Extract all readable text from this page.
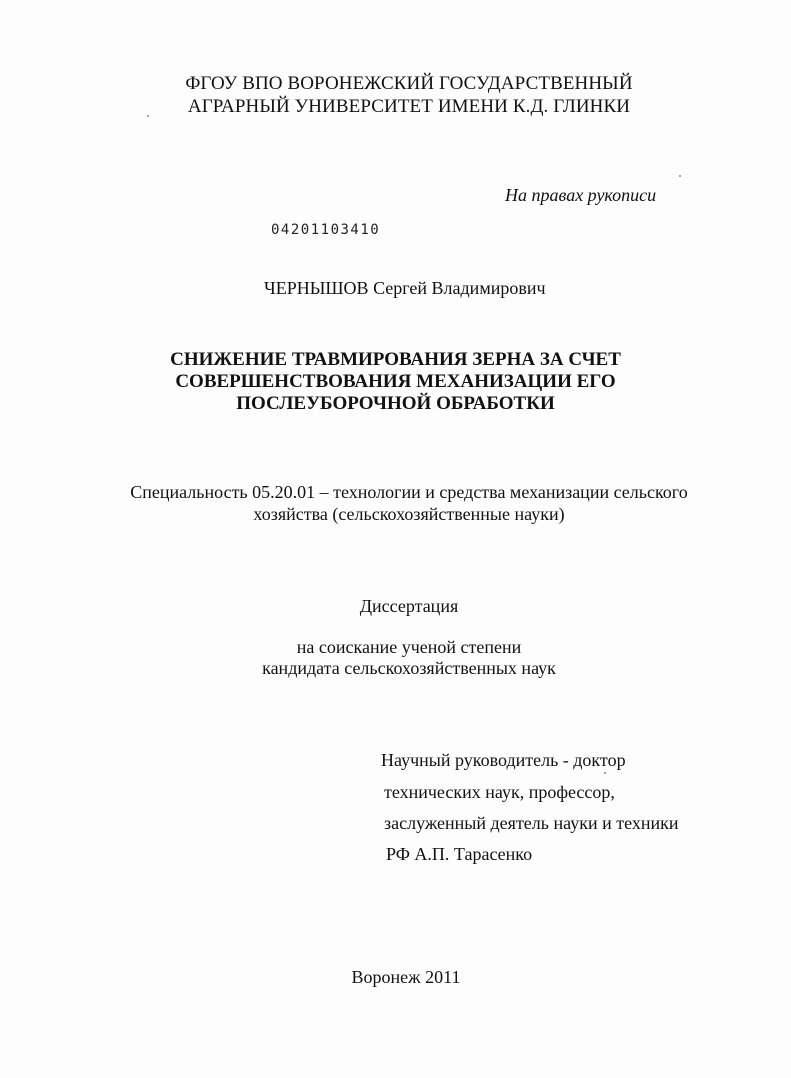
ФГОУ ВПО ВОРОНЕЖСКИЙ ГОСУДАРСТВЕННЫЙ
АГРАРНЫЙ УНИВЕРСИТЕТ ИМЕНИ К.Д. ГЛИНКИ
На правах рукописи
04201103410
ЧЕРНЫШОВ Сергей Владимирович
СНИЖЕНИЕ ТРАВМИРОВАНИЯ ЗЕРНА ЗА СЧЕТ
СОВЕРШЕНСТВОВАНИЯ МЕХАНИЗАЦИИ ЕГО
ПОСЛЕУБОРОЧНОЙ ОБРАБОТКИ
Специальность 05.20.01 – технологии и средства механизации сельского
хозяйства (сельскохозяйственные науки)
Диссертация
на соискание ученой степени
кандидата сельскохозяйственных наук
Научный руководитель - доктор
технических наук, профессор,
заслуженный деятель науки и техники
РФ А.П. Тарасенко
Воронеж 2011
